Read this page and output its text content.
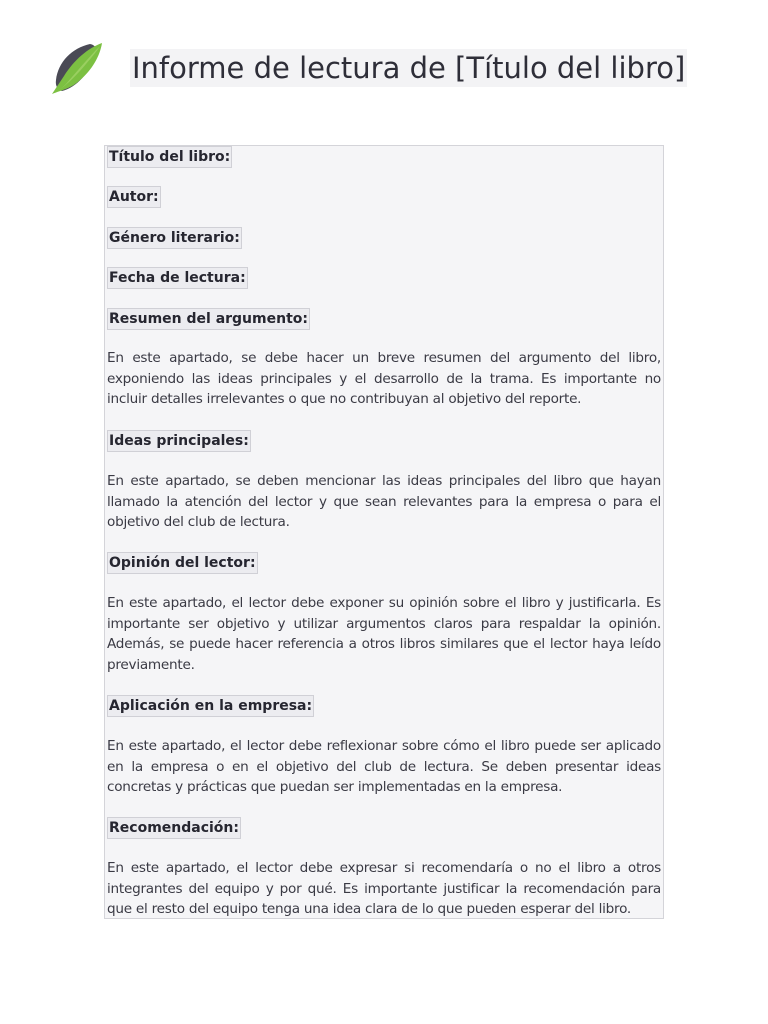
Informe de lectura de [Título del libro]
Título del libro:
Autor:
Género literario:
Fecha de lectura:
Resumen del argumento:

En este apartado, se debe hacer un breve resumen del argumento del libro, exponiendo las ideas principales y el desarrollo de la trama. Es importante no incluir detalles irrelevantes o que no contribuyan al objetivo del reporte.

Ideas principales:

En este apartado, se deben mencionar las ideas principales del libro que hayan llamado la atención del lector y que sean relevantes para la empresa o para el objetivo del club de lectura.

Opinión del lector:

En este apartado, el lector debe exponer su opinión sobre el libro y justificarla. Es importante ser objetivo y utilizar argumentos claros para respaldar la opinión. Además, se puede hacer referencia a otros libros similares que el lector haya leído previamente.

Aplicación en la empresa:

En este apartado, el lector debe reflexionar sobre cómo el libro puede ser aplicado en la empresa o en el objetivo del club de lectura. Se deben presentar ideas concretas y prácticas que puedan ser implementadas en la empresa.

Recomendación:

En este apartado, el lector debe expresar si recomendaría o no el libro a otros integrantes del equipo y por qué. Es importante justificar la recomendación para que el resto del equipo tenga una idea clara de lo que pueden esperar del libro.
